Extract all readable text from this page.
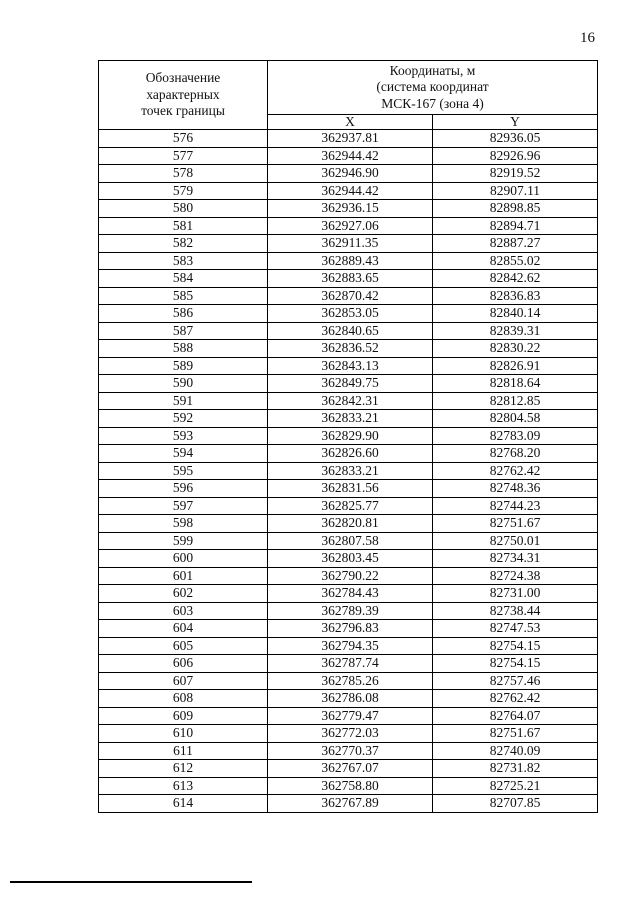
16
Обозначение
характерных
точек границы	Координаты, м
(система координат
МСК-167 (зона 4)	

	X	Y
576	362937.81	82936.05
577	362944.42	82926.96
578	362946.90	82919.52
579	362944.42	82907.11
580	362936.15	82898.85
581	362927.06	82894.71
582	362911.35	82887.27
583	362889.43	82855.02
584	362883.65	82842.62
585	362870.42	82836.83
586	362853.05	82840.14
587	362840.65	82839.31
588	362836.52	82830.22
589	362843.13	82826.91
590	362849.75	82818.64
591	362842.31	82812.85
592	362833.21	82804.58
593	362829.90	82783.09
594	362826.60	82768.20
595	362833.21	82762.42
596	362831.56	82748.36
597	362825.77	82744.23
598	362820.81	82751.67
599	362807.58	82750.01
600	362803.45	82734.31
601	362790.22	82724.38
602	362784.43	82731.00
603	362789.39	82738.44
604	362796.83	82747.53
605	362794.35	82754.15
606	362787.74	82754.15
607	362785.26	82757.46
608	362786.08	82762.42
609	362779.47	82764.07
610	362772.03	82751.67
611	362770.37	82740.09
612	362767.07	82731.82
613	362758.80	82725.21
614	362767.89	82707.85
